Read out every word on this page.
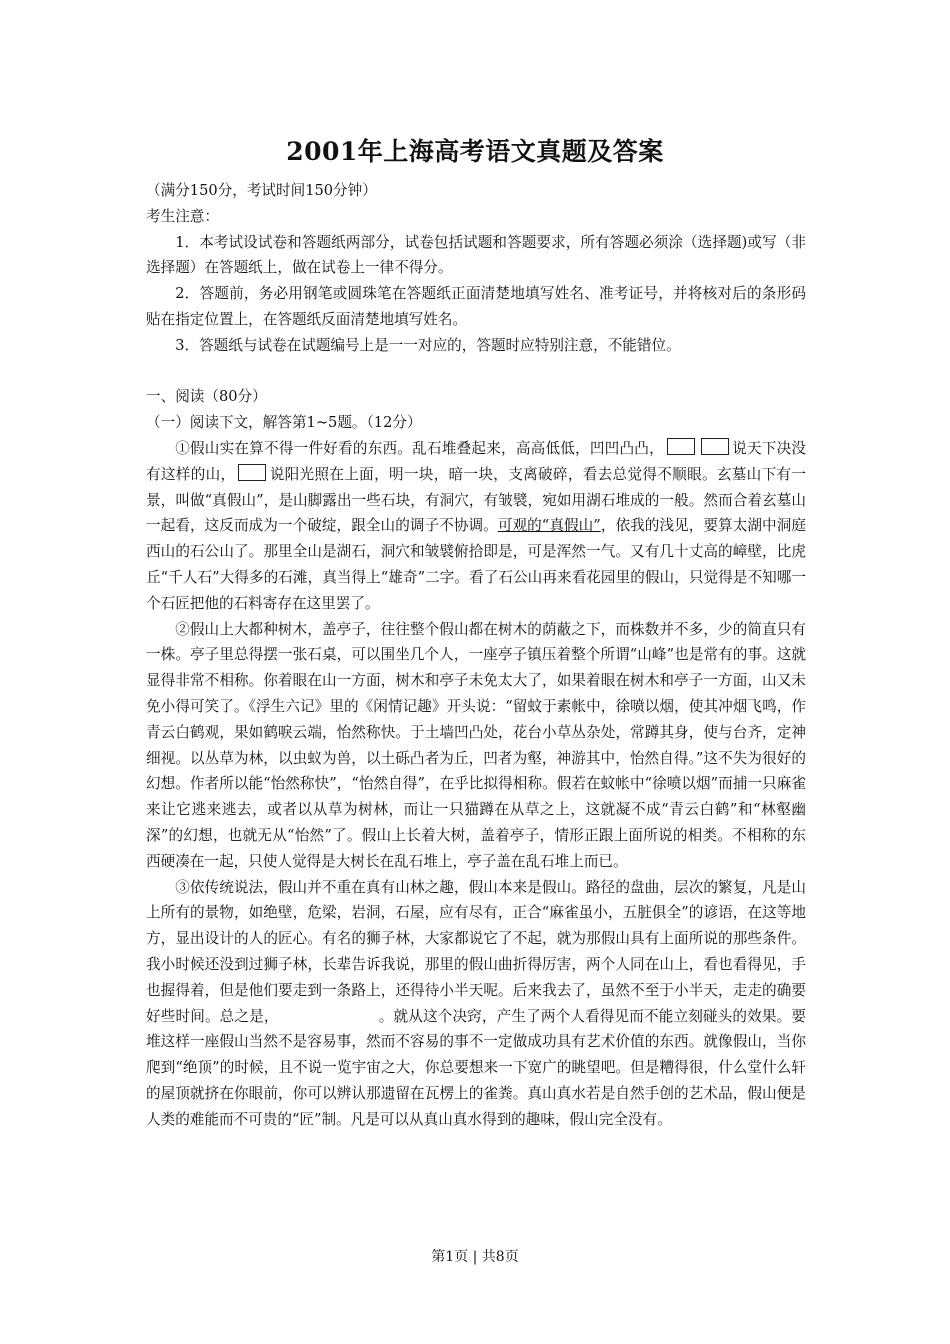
2001年上海高考语文真题及答案

（满分150分，考试时间150分钟）

考生注意：

1．本考试设试卷和答题纸两部分，试卷包括试题和答题要求，所有答题必须涂（选择题)或写（非选择题）在答题纸上，做在试卷上一律不得分。

2．答题前，务必用钢笔或圆珠笔在答题纸正面清楚地填写姓名、准考证号，并将核对后的条形码贴在指定位置上，在答题纸反面清楚地填写姓名。

3．答题纸与试卷在试题编号上是一一对应的，答题时应特别注意，不能错位。

一、阅读（80分）

（一）阅读下文，解答第1~5题。（12分）

①假山实在算不得一件好看的东西。乱石堆叠起来，高高低低，凹凹凸凸，	说天下决没有这样的山， 说阳光照在上面，明一块，暗一块，支离破碎，看去总觉得不顺眼。玄墓山下有一景，叫做“真假山”，是山脚露出一些石块，有洞穴，有皱襞，宛如用湖石堆成的一般。然而合着玄墓山一起看，这反而成为一个破绽，跟全山的调子不协调。可观的“真假山”，依我的浅见，要算太湖中洞庭西山的石公山了。那里全山是湖石，洞穴和皱襞俯拾即是，可是浑然一气。又有几十丈高的嶂壁，比虎丘“千人石”大得多的石滩，真当得上“雄奇”二字。看了石公山再来看花园里的假山，只觉得是不知哪一个石匠把他的石料寄存在这里罢了。

②假山上大都种树木，盖亭子，往往整个假山都在树木的荫蔽之下，而株数并不多，少的简直只有一株。亭子里总得摆一张石桌，可以围坐几个人，一座亭子镇压着整个所谓“山峰”也是常有的事。这就显得非常不相称。你着眼在山一方面，树木和亭子未免太大了，如果着眼在树木和亭子一方面，山又未免小得可笑了。《浮生六记》里的《闲情记趣》开头说：“留蚊于素帐中，徐喷以烟，使其冲烟飞鸣，作青云白鹤观，果如鹤唳云端，怡然称快。于土墙凹凸处，花台小草丛杂处，常蹲其身，使与台齐，定神细视。以丛草为林，以虫蚁为兽，以土砾凸者为丘，凹者为壑，神游其中，怡然自得。”这不失为很好的幻想。作者所以能“怡然称快”，“怡然自得”，在乎比拟得相称。假若在蚊帐中“徐喷以烟”而捕一只麻雀来让它逃来逃去，或者以从草为树林，而让一只猫蹲在从草之上，这就凝不成“青云白鹤”和“林壑幽深”的幻想，也就无从“怡然”了。假山上长着大树，盖着亭子，情形正跟上面所说的相类。不相称的东西硬凑在一起，只使人觉得是大树长在乱石堆上，亭子盖在乱石堆上而已。

③依传统说法，假山并不重在真有山林之趣，假山本来是假山。路径的盘曲，层次的繁复，凡是山上所有的景物，如绝壁，危梁，岩洞，石屋，应有尽有，正合“麻雀虽小，五脏俱全”的谚语，在这等地方，显出设计的人的匠心。有名的狮子林，大家都说它了不起，就为那假山具有上面所说的那些条件。我小时候还没到过狮子林，长辈告诉我说，那里的假山曲折得厉害，两个人同在山上，看也看得见，手也握得着，但是他们要走到一条路上，还得待小半天呢。后来我去了，虽然不至于小半天，走走的确要好些时间。总之是，	。就从这个决窍，产生了两个人看得见而不能立刻碰头的效果。要堆这样一座假山当然不是容易事，然而不容易的事不一定做成功具有艺术价值的东西。就像假山，当你爬到“绝顶”的时候，且不说一览宇宙之大，你总要想来一下宽广的眺望吧。但是糟得很，什么堂什么轩的屋顶就挤在你眼前，你可以辨认那遗留在瓦楞上的雀粪。真山真水若是自然手创的艺术品，假山便是人类的难能而不可贵的“匠”制。凡是可以从真山真水得到的趣味，假山完全没有。

第1页 | 共8页
